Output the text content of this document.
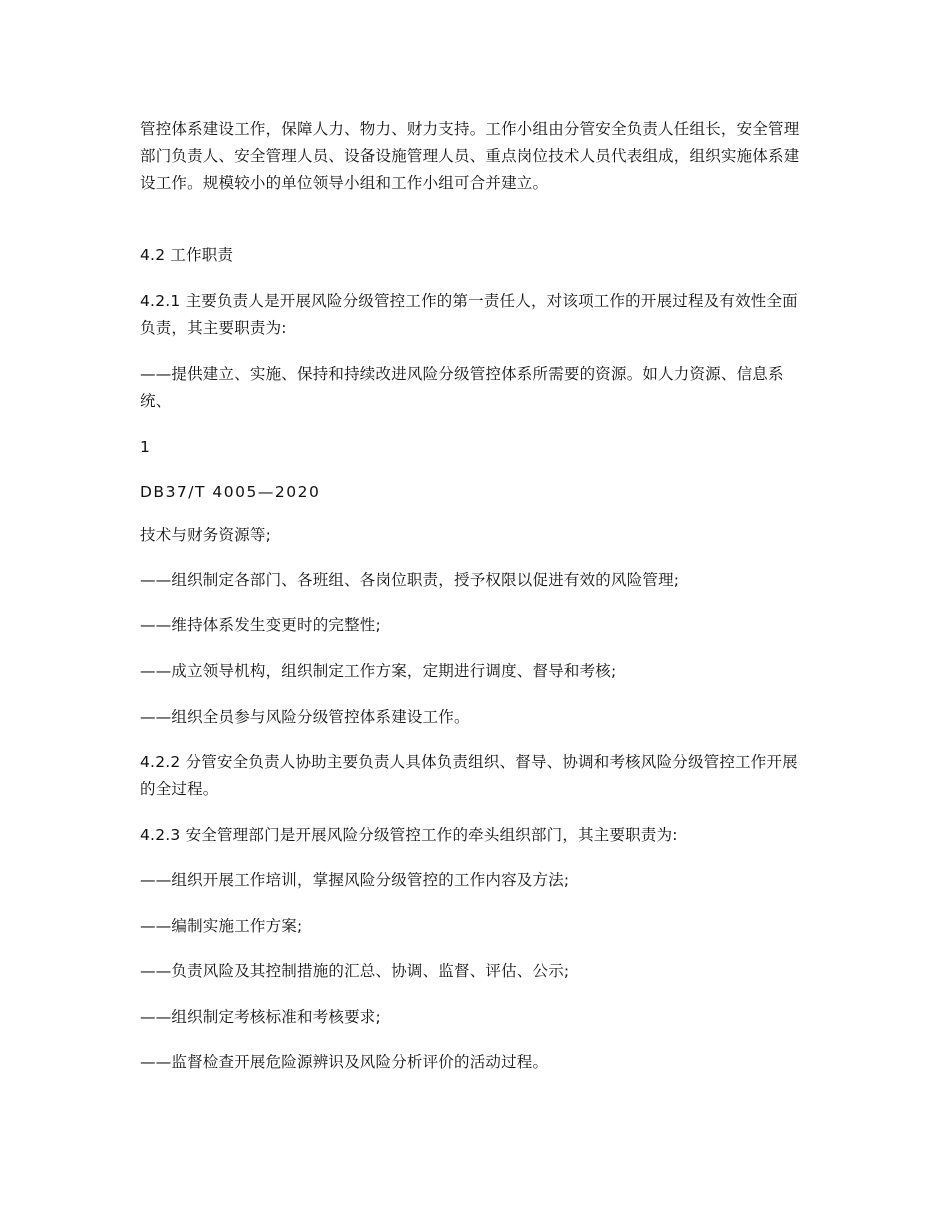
管控体系建设工作，保障人力、物力、财力支持。工作小组由分管安全负责人任组长，安全管理部门负责人、安全管理人员、设备设施管理人员、重点岗位技术人员代表组成，组织实施体系建设工作。规模较小的单位领导小组和工作小组可合并建立。

4.2 工作职责

4.2.1 主要负责人是开展风险分级管控工作的第一责任人，对该项工作的开展过程及有效性全面负责，其主要职责为:

——提供建立、实施、保持和持续改进风险分级管控体系所需要的资源。如人力资源、信息系统、

1

DB37/T 4005—2020

技术与财务资源等;

——组织制定各部门、各班组、各岗位职责，授予权限以促进有效的风险管理;

——维持体系发生变更时的完整性;

——成立领导机构，组织制定工作方案，定期进行调度、督导和考核;

——组织全员参与风险分级管控体系建设工作。

4.2.2 分管安全负责人协助主要负责人具体负责组织、督导、协调和考核风险分级管控工作开展的全过程。

4.2.3 安全管理部门是开展风险分级管控工作的牵头组织部门，其主要职责为:

——组织开展工作培训，掌握风险分级管控的工作内容及方法;

——编制实施工作方案;

——负责风险及其控制措施的汇总、协调、监督、评估、公示;

——组织制定考核标准和考核要求;

——监督检查开展危险源辨识及风险分析评价的活动过程。
